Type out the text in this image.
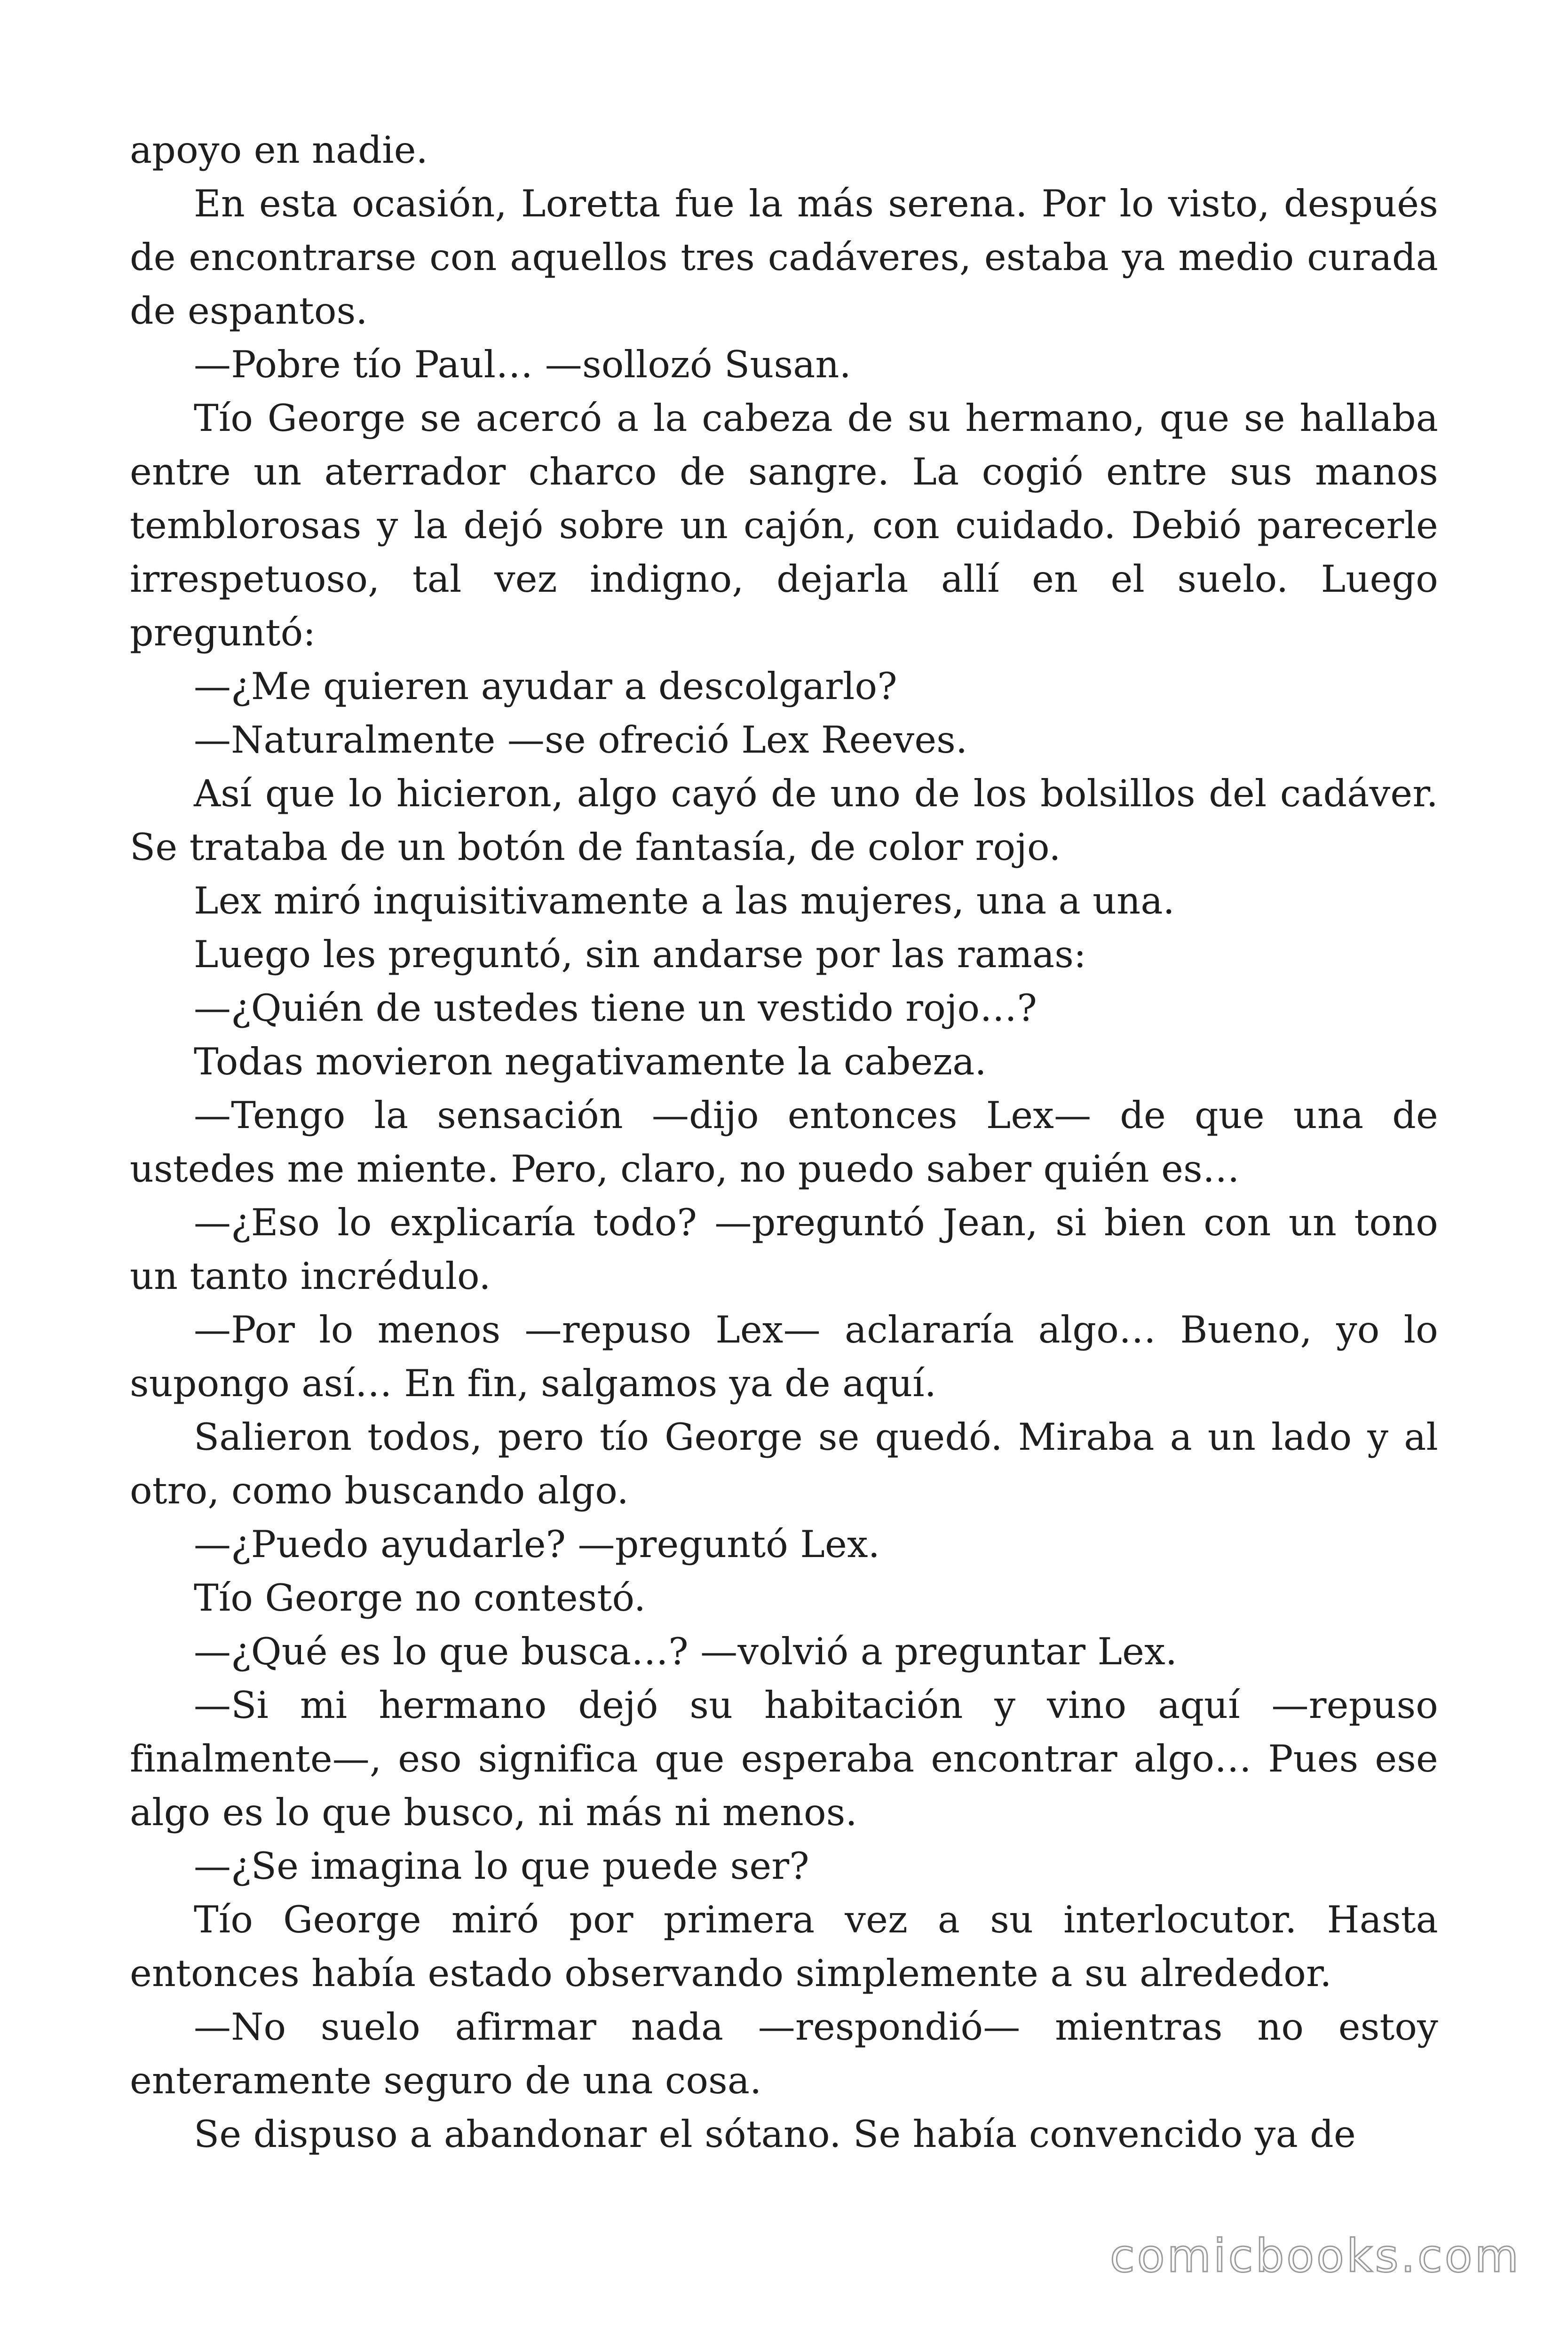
apoyo en nadie.

En esta ocasión, Loretta fue la más serena. Por lo visto, después de encontrarse con aquellos tres cadáveres, estaba ya medio curada de espantos.

—Pobre tío Paul… —sollozó Susan.

Tío George se acercó a la cabeza de su hermano, que se hallaba entre un aterrador charco de sangre. La cogió entre sus manos temblorosas y la dejó sobre un cajón, con cuidado. Debió parecerle irrespetuoso, tal vez indigno, dejarla allí en el suelo. Luego preguntó:

—¿Me quieren ayudar a descolgarlo?

—Naturalmente —se ofreció Lex Reeves.

Así que lo hicieron, algo cayó de uno de los bolsillos del cadáver. Se trataba de un botón de fantasía, de color rojo.

Lex miró inquisitivamente a las mujeres, una a una.

Luego les preguntó, sin andarse por las ramas:

—¿Quién de ustedes tiene un vestido rojo…?

Todas movieron negativamente la cabeza.

—Tengo la sensación —dijo entonces Lex— de que una de ustedes me miente. Pero, claro, no puedo saber quién es…

—¿Eso lo explicaría todo? —preguntó Jean, si bien con un tono un tanto incrédulo.

—Por lo menos —repuso Lex— aclararía algo… Bueno, yo lo supongo así… En fin, salgamos ya de aquí.

Salieron todos, pero tío George se quedó. Miraba a un lado y al otro, como buscando algo.

—¿Puedo ayudarle? —preguntó Lex.

Tío George no contestó.

—¿Qué es lo que busca…? —volvió a preguntar Lex.

—Si mi hermano dejó su habitación y vino aquí —repuso finalmente—, eso significa que esperaba encontrar algo… Pues ese algo es lo que busco, ni más ni menos.

—¿Se imagina lo que puede ser?

Tío George miró por primera vez a su interlocutor. Hasta entonces había estado observando simplemente a su alrededor.

—No suelo afirmar nada —respondió— mientras no estoy enteramente seguro de una cosa.

Se dispuso a abandonar el sótano. Se había convencido ya de

comicbooks.com
